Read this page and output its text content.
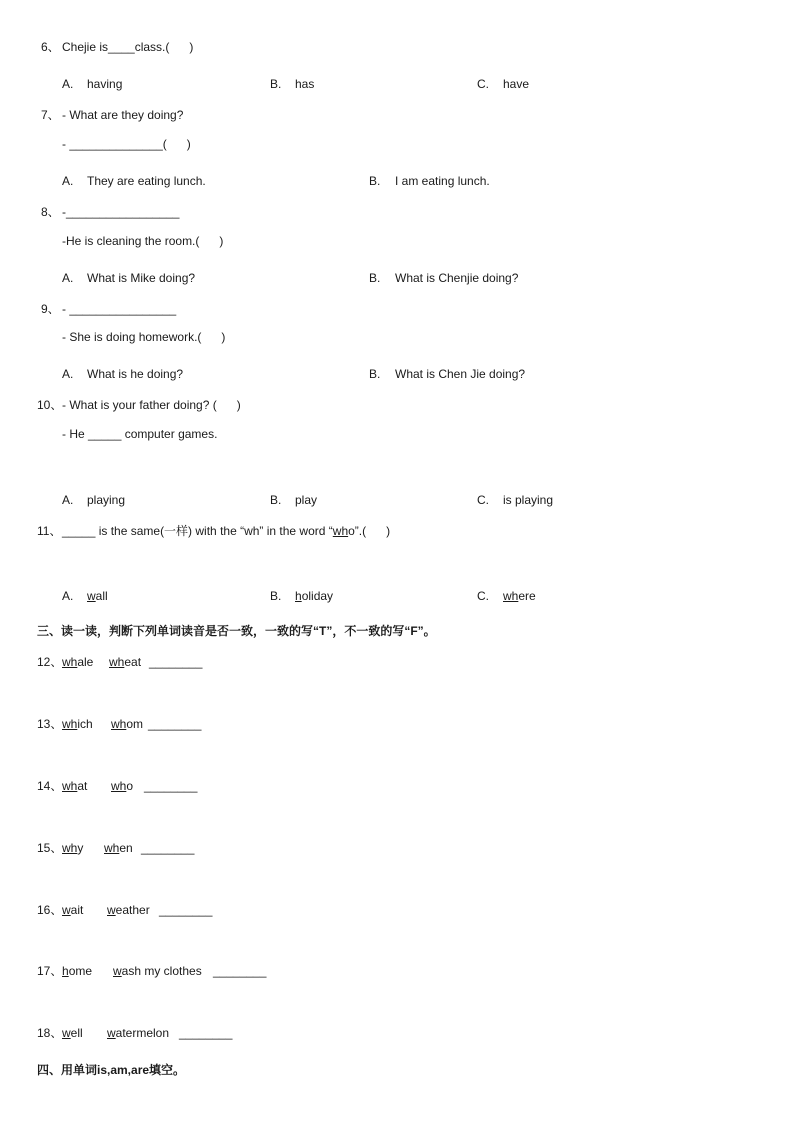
6、 Chejie is____class.(      )
A. having	B. has	C. have
7、 - What are they doing?
- ______________(      )
A. They are eating lunch.	B. I am eating lunch.
8、 -_________________
-He is cleaning the room.(      )
A. What is Mike doing?	B. What is Chenjie doing?
9、 - ________________
- She is doing homework.(      )
A. What is he doing?	B. What is Chen Jie doing?
10、 - What is your father doing? (      )
- He _____ computer games.
A. playing	B. play	C. is playing
11、 _____ is the same(一样) with the “wh” in the word “who”.(      )
A. wall	B. holiday	C. where
三、读一读，判断下列单词读音是否一致，一致的写“T”，不一致的写“F”。
12、 whale wheat ________
13、 which whom ________
14、 what who ________
15、 why when ________
16、 wait weather ________
17、 home wash my clothes ________
18、 well watermelon ________
四、用单词is,am,are填空。
